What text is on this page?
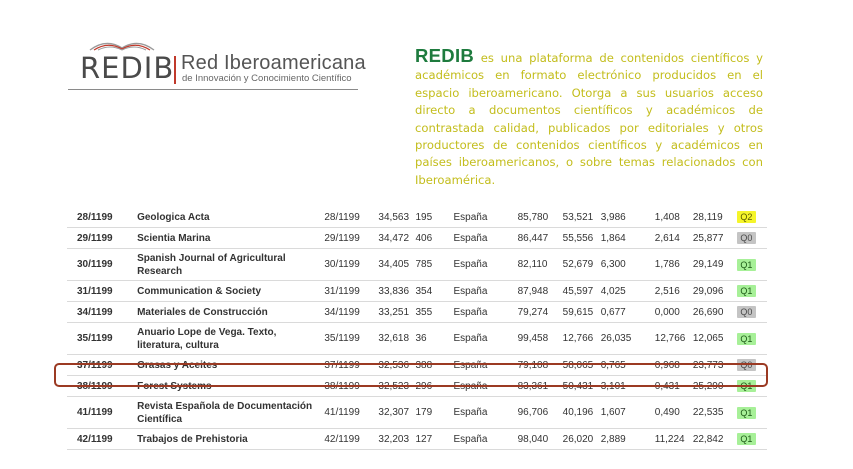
REDIB Red Iberoamericana
de Innovación y Conocimiento Científico
REDIB es una plataforma de contenidos científicos y académicos en formato electrónico producidos en el espacio iberoamericano. Otorga a sus usuarios acceso directo a documentos científicos y académicos de contrastada calidad, publicados por editoriales y otros productores de contenidos científicos y académicos en países iberoamericanos, o sobre temas relacionados con Iberoamérica.
28/1199	Geologica Acta	28/1199	34,563	195	España	85,780	53,521	3,986	1,408	28,119	Q2
29/1199	Scientia Marina	29/1199	34,472	406	España	86,447	55,556	1,864	2,614	25,877	Q0
30/1199	Spanish Journal of Agricultural Research	30/1199	34,405	785	España	82,110	52,679	6,300	1,786	29,149	Q1
31/1199	Communication & Society	31/1199	33,836	354	España	87,948	45,597	4,025	2,516	29,096	Q1
34/1199	Materiales de Construcción	34/1199	33,251	355	España	79,274	59,615	0,677	0,000	26,690	Q0
35/1199	Anuario Lope de Vega. Texto, literatura, cultura	35/1199	32,618	36	España	99,458	12,766	26,035	12,766	12,065	Q1
37/1199	Grasas y Aceites	37/1199	32,536	388	España	79,108	58,065	0,765	0,968	23,773	Q0
38/1199	Forest Systems	38/1199	32,523	296	España	83,361	50,431	3,101	0,431	25,290	Q1
41/1199	Revista Española de Documentación Científica	41/1199	32,307	179	España	96,706	40,196	1,607	0,490	22,535	Q1
42/1199	Trabajos de Prehistoria	42/1199	32,203	127	España	98,040	26,020	2,889	11,224	22,842	Q1
